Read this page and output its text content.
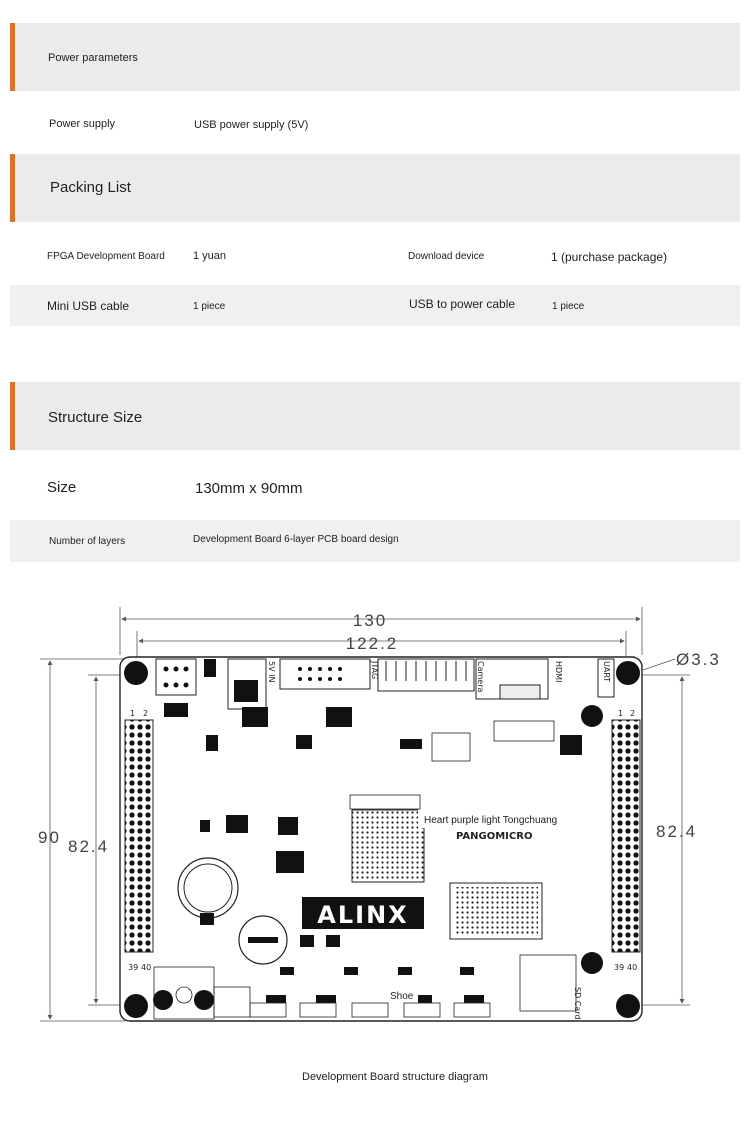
Power parameters
Power supply	USB power supply (5V)
Packing List
FPGA Development Board	1 yuan	Download device	1 (purchase package)
Mini USB cable	1 piece	USB to power cable	1 piece
Structure Size
Size	130mm x 90mm
Number of layers	Development Board 6-layer PCB board design
130
122.2
Ø3.3
90 82.4
82.4
39 40	39 40
1 2	1 2
5V IN	JTAG	Camera	HDMI	UART
SD Card
Heart purple light Tongchuang
PANGOMICRO
ALINX
Shoe
Development Board structure diagram
